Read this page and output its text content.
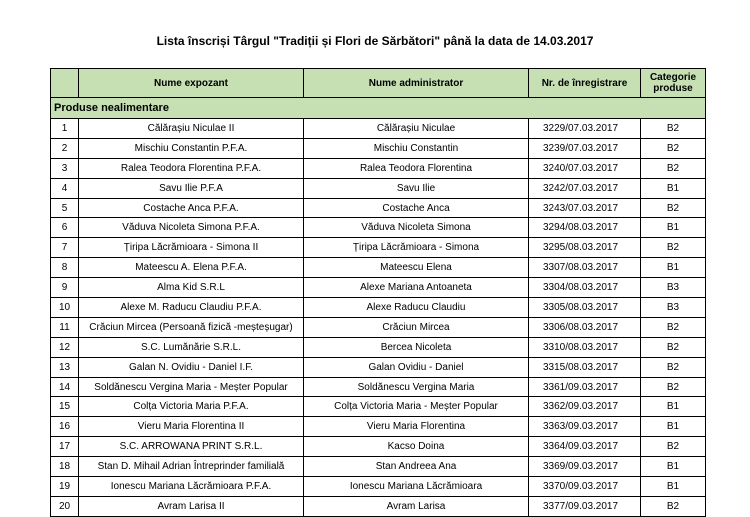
Lista înscriși Târgul "Tradiții și Flori de Sărbători" până la data de 14.03.2017
	Nume expozant	Nume administrator	Nr. de înregistrare	Categorie produse
Produse nealimentare				
1	Călărașiu Niculae II	Călărașiu Niculae	3229/07.03.2017	B2
2	Mischiu Constantin P.F.A.	Mischiu Constantin	3239/07.03.2017	B2
3	Ralea Teodora Florentina P.F.A.	Ralea Teodora Florentina	3240/07.03.2017	B2
4	Savu Ilie P.F.A	Savu Ilie	3242/07.03.2017	B1
5	Costache Anca P.F.A.	Costache Anca	3243/07.03.2017	B2
6	Văduva Nicoleta Simona P.F.A.	Văduva Nicoleta Simona	3294/08.03.2017	B1
7	Țiripa Lăcrămioara - Simona II	Țiripa Lăcrămioara - Simona	3295/08.03.2017	B2
8	Mateescu A. Elena P.F.A.	Mateescu Elena	3307/08.03.2017	B1
9	Alma Kid S.R.L	Alexe Mariana Antoaneta	3304/08.03.2017	B3
10	Alexe M. Raducu Claudiu P.F.A.	Alexe Raducu Claudiu	3305/08.03.2017	B3
11	Crăciun Mircea (Persoană fizică -meșteșugar)	Crăciun Mircea	3306/08.03.2017	B2
12	S.C. Lumănărie S.R.L.	Bercea Nicoleta	3310/08.03.2017	B2
13	Galan N. Ovidiu - Daniel I.F.	Galan Ovidiu - Daniel	3315/08.03.2017	B2
14	Soldănescu Vergina Maria - Meșter Popular	Soldănescu Vergina Maria	3361/09.03.2017	B2
15	Colța Victoria Maria P.F.A.	Colța Victoria Maria - Meșter Popular	3362/09.03.2017	B1
16	Vieru Maria Florentina II	Vieru Maria Florentina	3363/09.03.2017	B1
17	S.C. ARROWANA PRINT S.R.L.	Kacso Doina	3364/09.03.2017	B2
18	Stan D. Mihail Adrian Întreprinder familială	Stan Andreea Ana	3369/09.03.2017	B1
19	Ionescu Mariana Lăcrămioara P.F.A.	Ionescu Mariana Lăcrămioara	3370/09.03.2017	B1
20	Avram Larisa II	Avram Larisa	3377/09.03.2017	B2
